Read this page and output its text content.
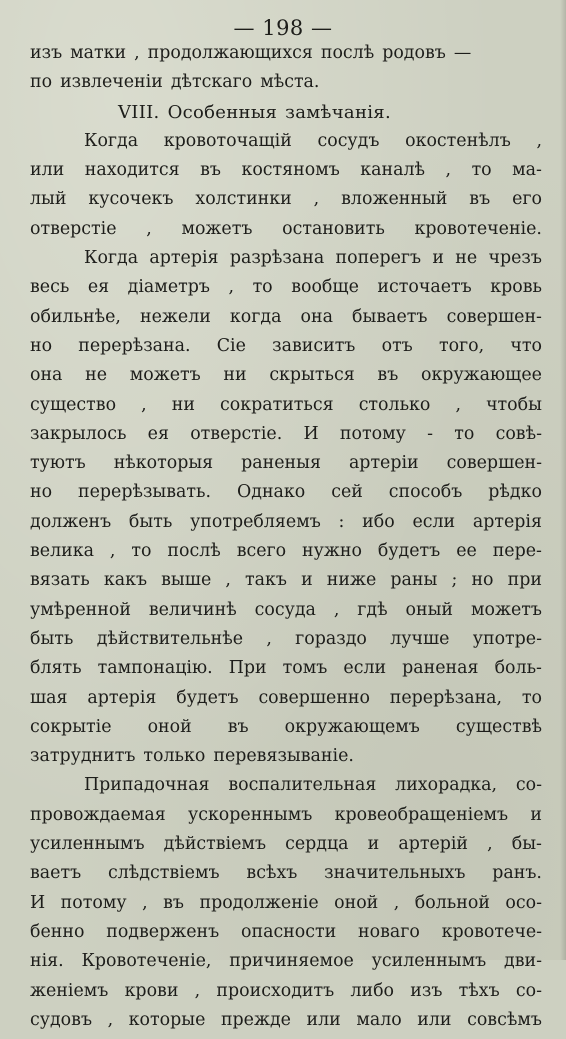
— 198 —
изъ матки , продолжающихся послѣ родовъ —
по извлеченіи дѣтскаго мѣста.
VIII. Особенныя замѣчанія.
Когда кровоточащій сосудъ окостенѣлъ ,
или находится въ костяномъ каналѣ , то ма-
лый кусочекъ холстинки , вложенный въ его
отверстіе , можетъ остановить кровотеченіе.
Когда артерія разрѣзана поперегъ и не чрезъ
весь ея діаметръ , то вообще источаетъ кровь
обильнѣе, нежели когда она бываетъ совершен-
но перерѣзана. Сіе зависитъ отъ того, что
она не можетъ ни скрыться въ окружающее
существо , ни сократиться столько , чтобы
закрылось ея отверстіе. И потому - то совѣ-
туютъ нѣкоторыя раненыя артеріи совершен-
но перерѣзывать. Однако сей способъ рѣдко
долженъ быть употребляемъ : ибо если артерія
велика , то послѣ всего нужно будетъ ее пере-
вязать какъ выше , такъ и ниже раны ; но при
умѣренной величинѣ сосуда , гдѣ оный можетъ
быть дѣйствительнѣе , гораздо лучше употре-
блять тампонацію. При томъ если раненая боль-
шая артерія будетъ совершенно перерѣзана, то
сокрытіе оной въ окружающемъ существѣ
затруднитъ только перевязываніе.
Припадочная воспалительная лихорадка, со-
провождаемая ускореннымъ кровеобращеніемъ и
усиленнымъ дѣйствіемъ сердца и артерій , бы-
ваетъ слѣдствіемъ всѣхъ значительныхъ ранъ.
И потому , въ продолженіе оной , больной осо-
бенно подверженъ опасности новаго кровотече-
нія. Кровотеченіе, причиняемое усиленнымъ дви-
женіемъ крови , происходитъ либо изъ тѣхъ со-
судовъ , которые прежде или мало или совсѣмъ
